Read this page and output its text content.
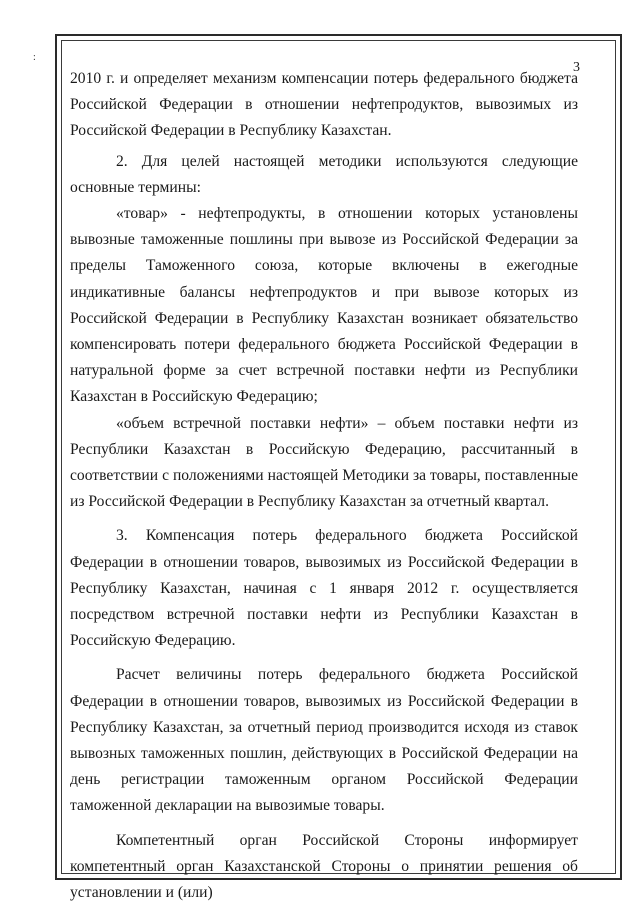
:
3

2010 г. и определяет механизм компенсации потерь федерального бюджета Российской Федерации в отношении нефтепродуктов, вывозимых из Российской Федерации в Республику Казахстан.

2. Для целей настоящей методики используются следующие основные термины:

«товар» - нефтепродукты, в отношении которых установлены вывозные таможенные пошлины при вывозе из Российской Федерации за пределы Таможенного союза, которые включены в ежегодные индикативные балансы нефтепродуктов и при вывозе которых из Российской Федерации в Республику Казахстан возникает обязательство компенсировать потери федерального бюджета Российской Федерации в натуральной форме за счет встречной поставки нефти из Республики Казахстан в Российскую Федерацию;

«объем встречной поставки нефти» – объем поставки нефти из Республики Казахстан в Российскую Федерацию, рассчитанный в соответствии с положениями настоящей Методики за товары, поставленные из Российской Федерации в Республику Казахстан за отчетный квартал.

3. Компенсация потерь федерального бюджета Российской Федерации в отношении товаров, вывозимых из Российской Федерации в Республику Казахстан, начиная с 1 января 2012 г. осуществляется посредством встречной поставки нефти из Республики Казахстан в Российскую Федерацию.

Расчет величины потерь федерального бюджета Российской Федерации в отношении товаров, вывозимых из Российской Федерации в Республику Казахстан, за отчетный период производится исходя из ставок вывозных таможенных пошлин, действующих в Российской Федерации на день регистрации таможенным органом Российской Федерации таможенной декларации на вывозимые товары.

Компетентный орган Российской Стороны информирует компетентный орган Казахстанской Стороны о принятии решения об установлении и (или)
